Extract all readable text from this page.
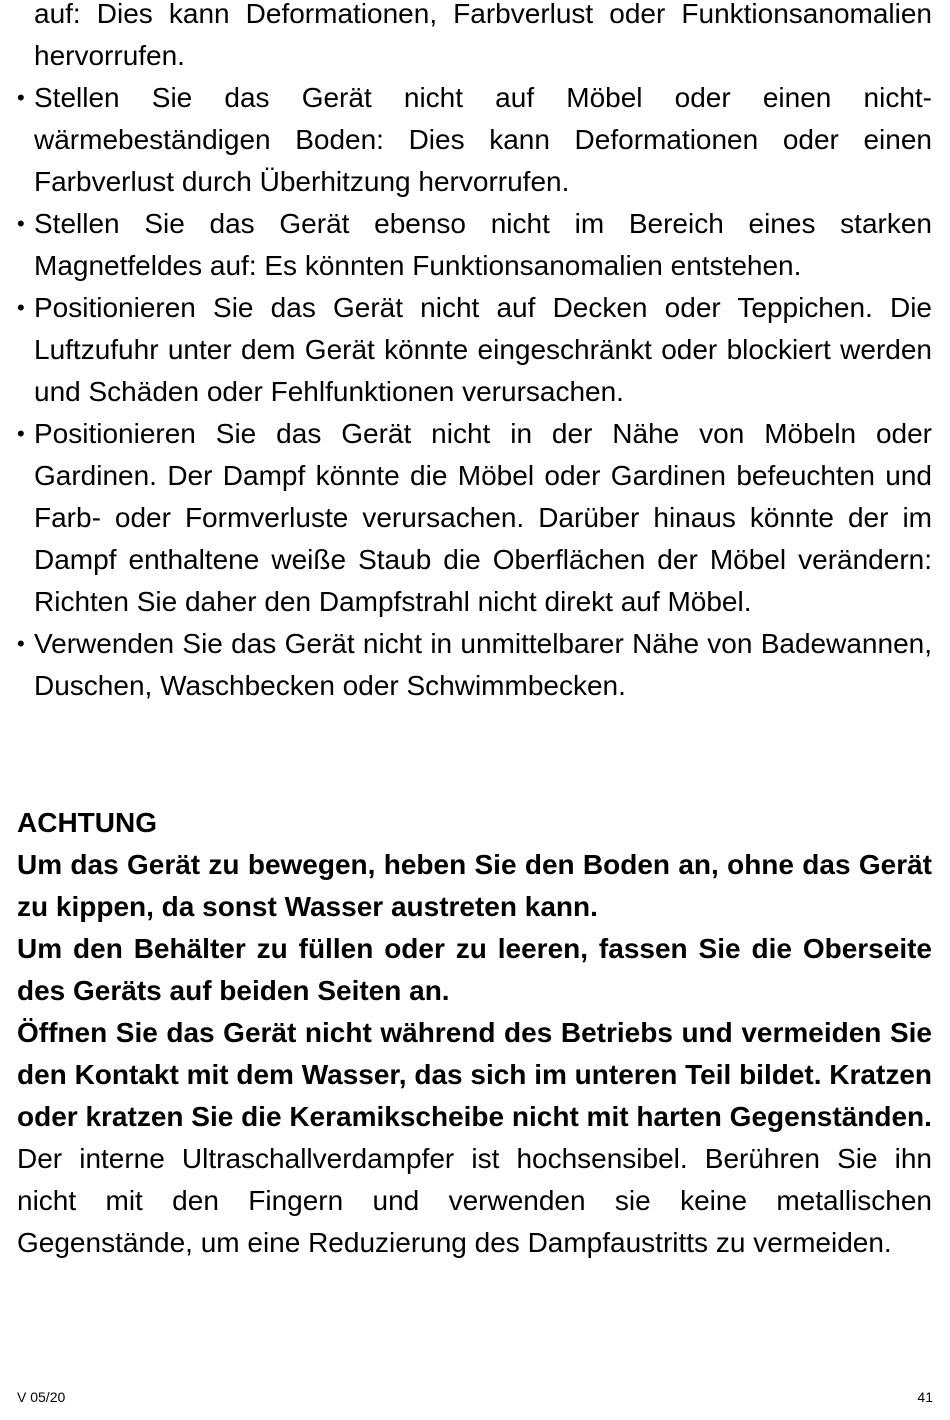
auf: Dies kann Deformationen, Farbverlust oder Funktionsanomalien hervorrufen.
• Stellen Sie das Gerät nicht auf Möbel oder einen nicht-wärmebeständigen Boden: Dies kann Deformationen oder einen Farbverlust durch Überhitzung hervorrufen.
• Stellen Sie das Gerät ebenso nicht im Bereich eines starken Magnetfeldes auf: Es könnten Funktionsanomalien entstehen.
• Positionieren Sie das Gerät nicht auf Decken oder Teppichen. Die Luftzufuhr unter dem Gerät könnte eingeschränkt oder blockiert werden und Schäden oder Fehlfunktionen verursachen.
• Positionieren Sie das Gerät nicht in der Nähe von Möbeln oder Gardinen. Der Dampf könnte die Möbel oder Gardinen befeuchten und Farb- oder Formverluste verursachen. Darüber hinaus könnte der im Dampf enthaltene weiße Staub die Oberflächen der Möbel verändern: Richten Sie daher den Dampfstrahl nicht direkt auf Möbel.
• Verwenden Sie das Gerät nicht in unmittelbarer Nähe von Badewannen, Duschen, Waschbecken oder Schwimmbecken.

ACHTUNG

Um das Gerät zu bewegen, heben Sie den Boden an, ohne das Gerät zu kippen, da sonst Wasser austreten kann.

Um den Behälter zu füllen oder zu leeren, fassen Sie die Oberseite des Geräts auf beiden Seiten an.

Öffnen Sie das Gerät nicht während des Betriebs und vermeiden Sie den Kontakt mit dem Wasser, das sich im unteren Teil bildet. Kratzen oder kratzen Sie die Keramikscheibe nicht mit harten Gegenständen.

Der interne Ultraschallverdampfer ist hochsensibel. Berühren Sie ihn nicht mit den Fingern und verwenden sie keine metallischen Gegenstände, um eine Reduzierung des Dampfaustritts zu vermeiden.

V 05/20	41
